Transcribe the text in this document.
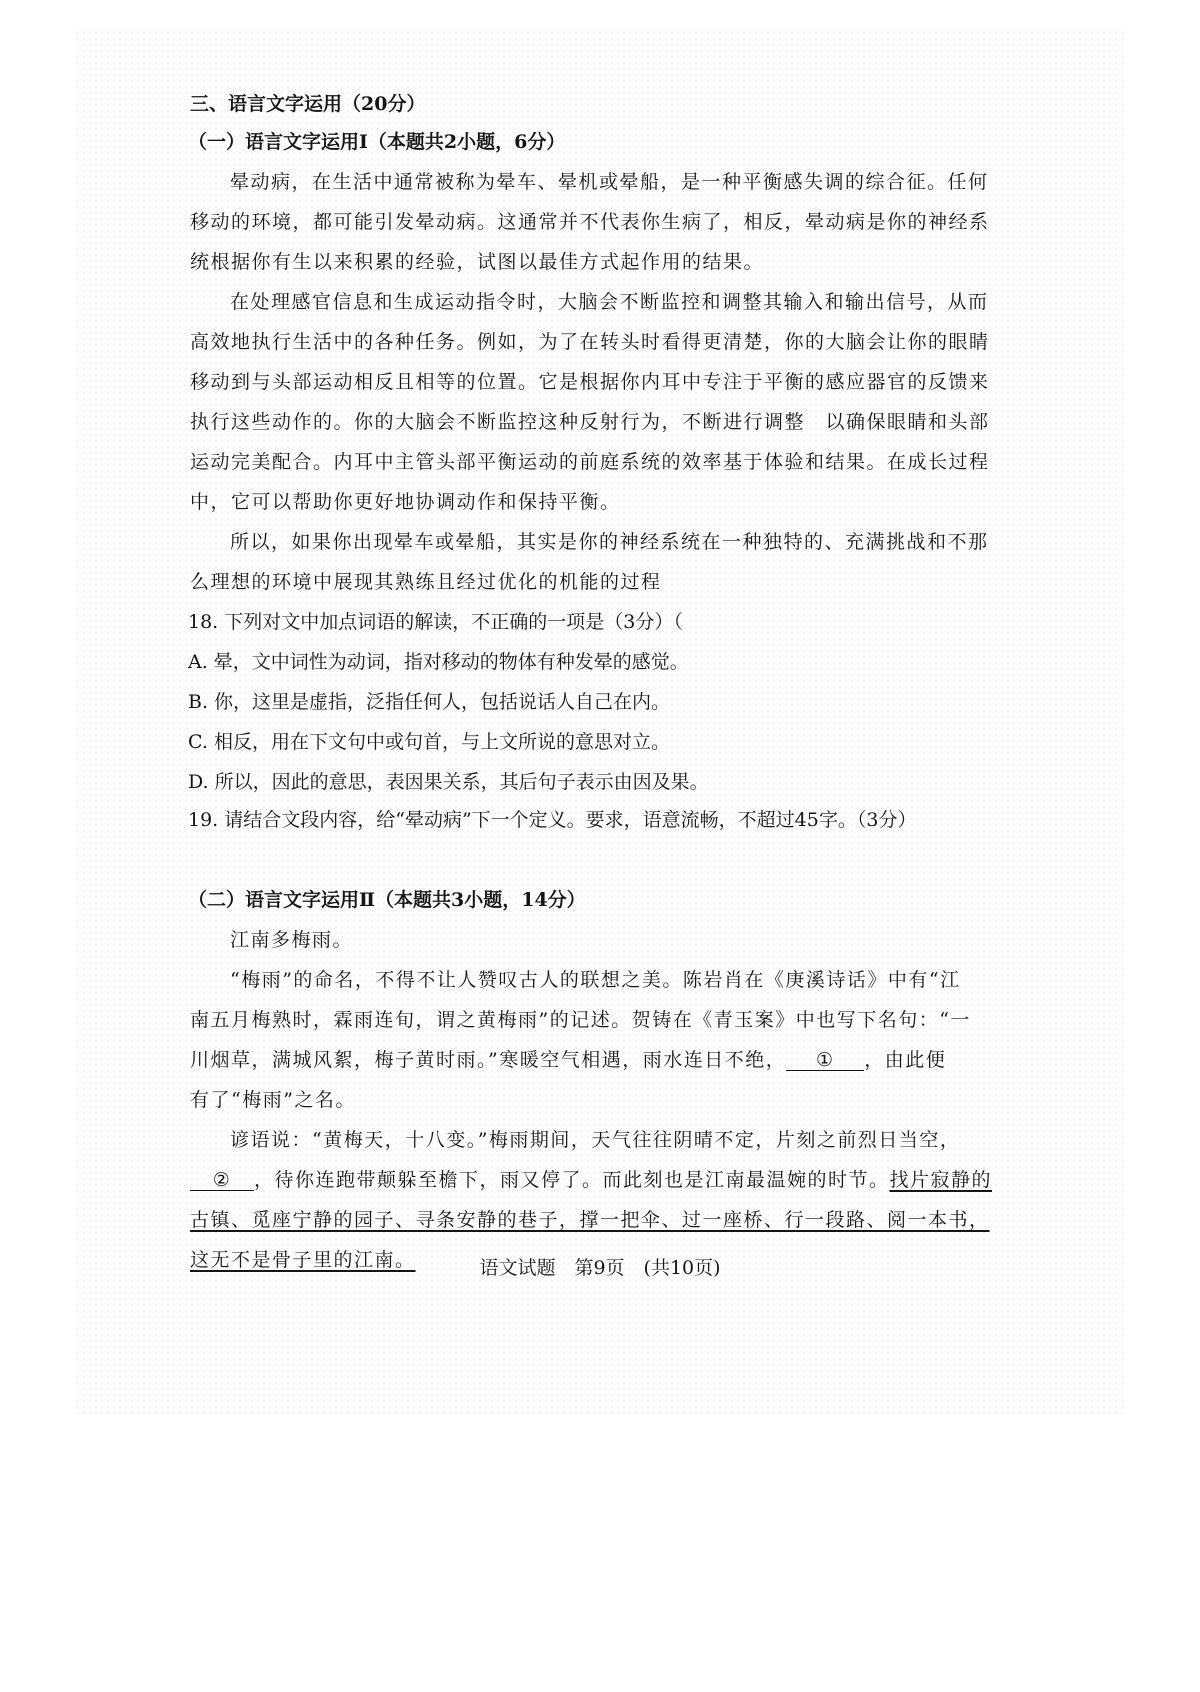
三、语言文字运用（20分）
（一）语言文字运用Ⅰ（本题共2小题，6分）
晕动病，在生活中通常被称为晕车、晕机或晕船，是一种平衡感失调的综合征。任何
移动的环境，都可能引发晕动病。这通常并不代表你生病了，相反，晕动病是你的神经系
统根据你有生以来积累的经验，试图以最佳方式起作用的结果。
在处理感官信息和生成运动指令时，大脑会不断监控和调整其输入和输出信号，从而
高效地执行生活中的各种任务。例如，为了在转头时看得更清楚，你的大脑会让你的眼睛
移动到与头部运动相反且相等的位置。它是根据你内耳中专注于平衡的感应器官的反馈来
执行这些动作的。你的大脑会不断监控这种反射行为，不断进行调整　以确保眼睛和头部
运动完美配合。内耳中主管头部平衡运动的前庭系统的效率基于体验和结果。在成长过程
中，它可以帮助你更好地协调动作和保持平衡。
所以，如果你出现晕车或晕船，其实是你的神经系统在一种独特的、充满挑战和不那
么理想的环境中展现其熟练且经过优化的机能的过程
18. 下列对文中加点词语的解读，不正确的一项是（3分）（
A. 晕，文中词性为动词，指对移动的物体有种发晕的感觉。
B. 你，这里是虚指，泛指任何人，包括说话人自己在内。
C. 相反，用在下文句中或句首，与上文所说的意思对立。
D. 所以，因此的意思，表因果关系，其后句子表示由因及果。
19. 请结合文段内容，给“晕动病”下一个定义。要求，语意流畅，不超过45字。（3分）
（二）语言文字运用Ⅱ（本题共3小题，14分）
江南多梅雨。
“梅雨”的命名，不得不让人赞叹古人的联想之美。陈岩肖在《庚溪诗话》中有“江
南五月梅熟时，霖雨连旬，谓之黄梅雨”的记述。贺铸在《青玉案》中也写下名句：“一
川烟草，满城风絮，梅子黄时雨。”寒暖空气相遇，雨水连日不绝， ① ，由此便
有了“梅雨”之名。
谚语说：“黄梅天，十八变。”梅雨期间，天气往往阴晴不定，片刻之前烈日当空，
② ，待你连跑带颠躲至檐下，雨又停了。而此刻也是江南最温婉的时节。找片寂静的
古镇、觅座宁静的园子、寻条安静的巷子，撑一把伞、过一座桥、行一段路、阅一本书，
这无不是骨子里的江南。	语文试题　第9页　(共10页)
